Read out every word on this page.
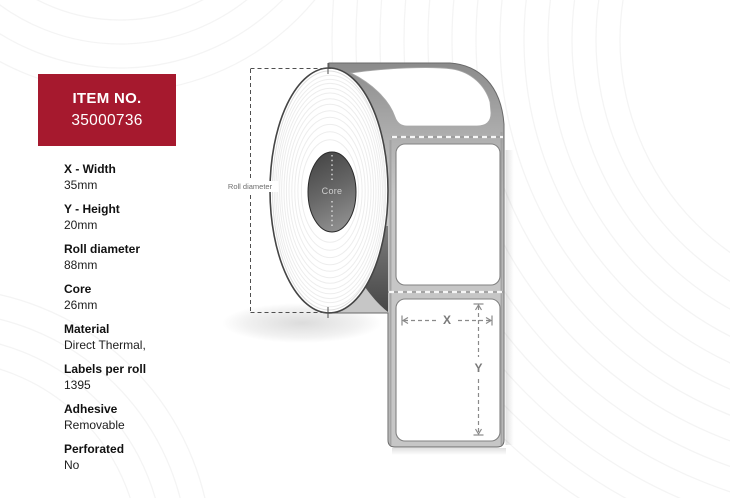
ITEM NO.
35000736
X - Width
35mm
Y - Height
20mm
Roll diameter
88mm
Core
26mm
Material
Direct Thermal,
Labels per roll
1395
Adhesive
Removable
Perforated
No
Roll diameter	Core
X
Y
